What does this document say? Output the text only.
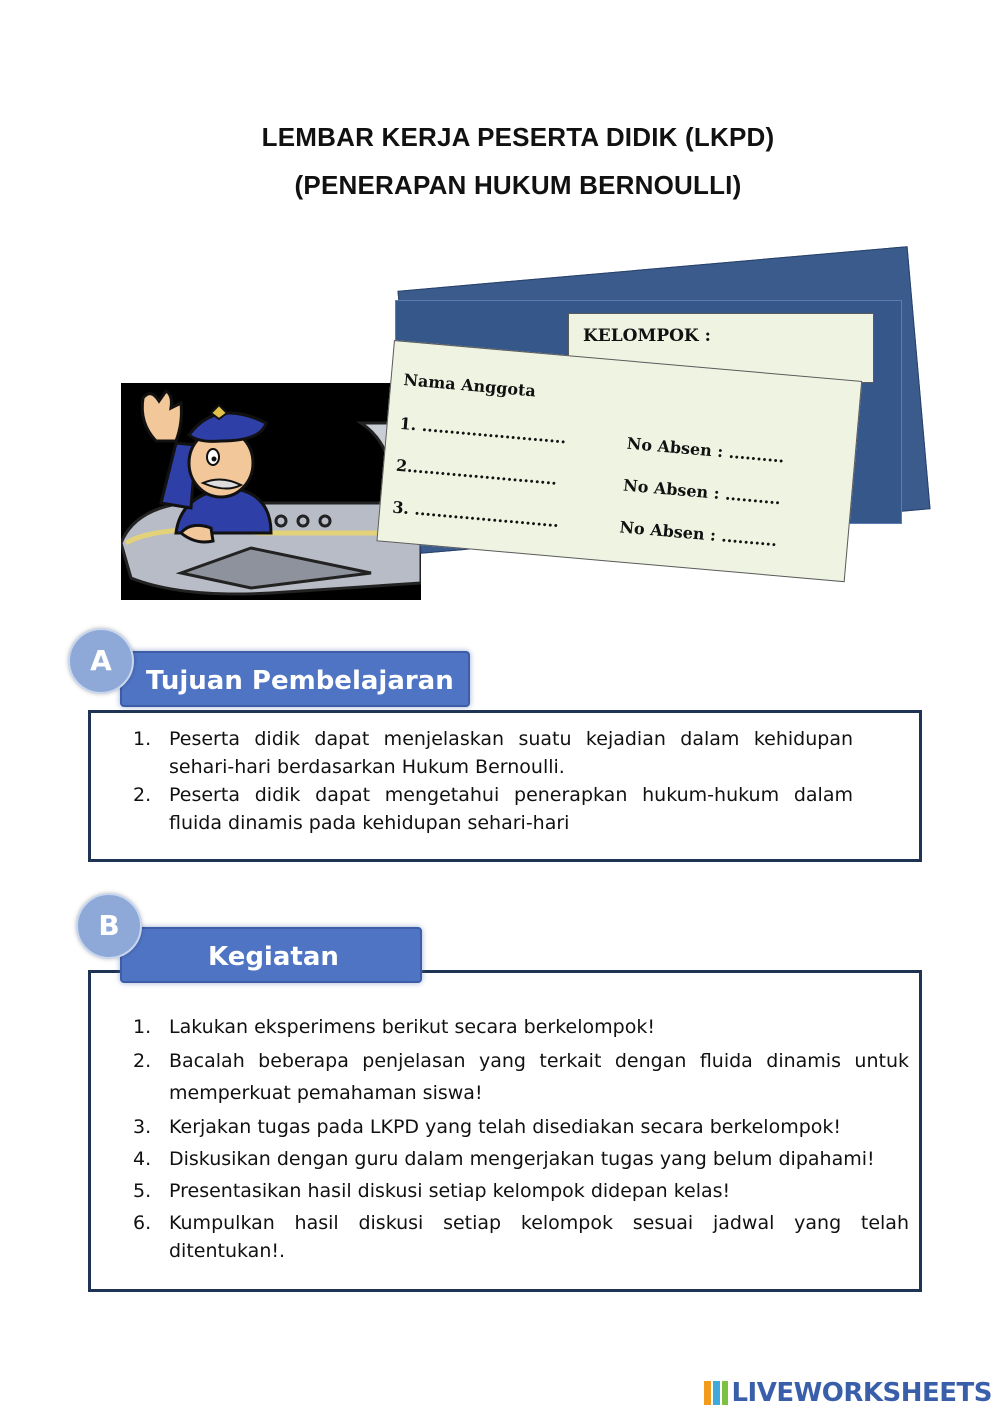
LEMBAR KERJA PESERTA DIDIK (LKPD)
(PENERAPAN HUKUM BERNOULLI)
KELOMPOK :
Nama Anggota
1. ..........................
No Absen : ..........
2...........................
No Absen : ..........
3. ..........................
No Absen : ..........
A
Tujuan Pembelajaran
1. Peserta didik dapat menjelaskan suatu kejadian dalam kehidupan sehari-hari berdasarkan Hukum Bernoulli.
2. Peserta didik dapat mengetahui penerapkan hukum-hukum dalam fluida dinamis pada kehidupan sehari-hari
B
Kegiatan
1. Lakukan eksperimens berikut secara berkelompok!
2. Bacalah beberapa penjelasan yang terkait dengan fluida dinamis untuk memperkuat pemahaman siswa!
3. Kerjakan tugas pada LKPD yang telah disediakan secara berkelompok!
4. Diskusikan dengan guru dalam mengerjakan tugas yang belum dipahami!
5. Presentasikan hasil diskusi setiap kelompok didepan kelas!
6. Kumpulkan hasil diskusi setiap kelompok sesuai jadwal yang telah ditentukan!.
LIVEWORKSHEETS
